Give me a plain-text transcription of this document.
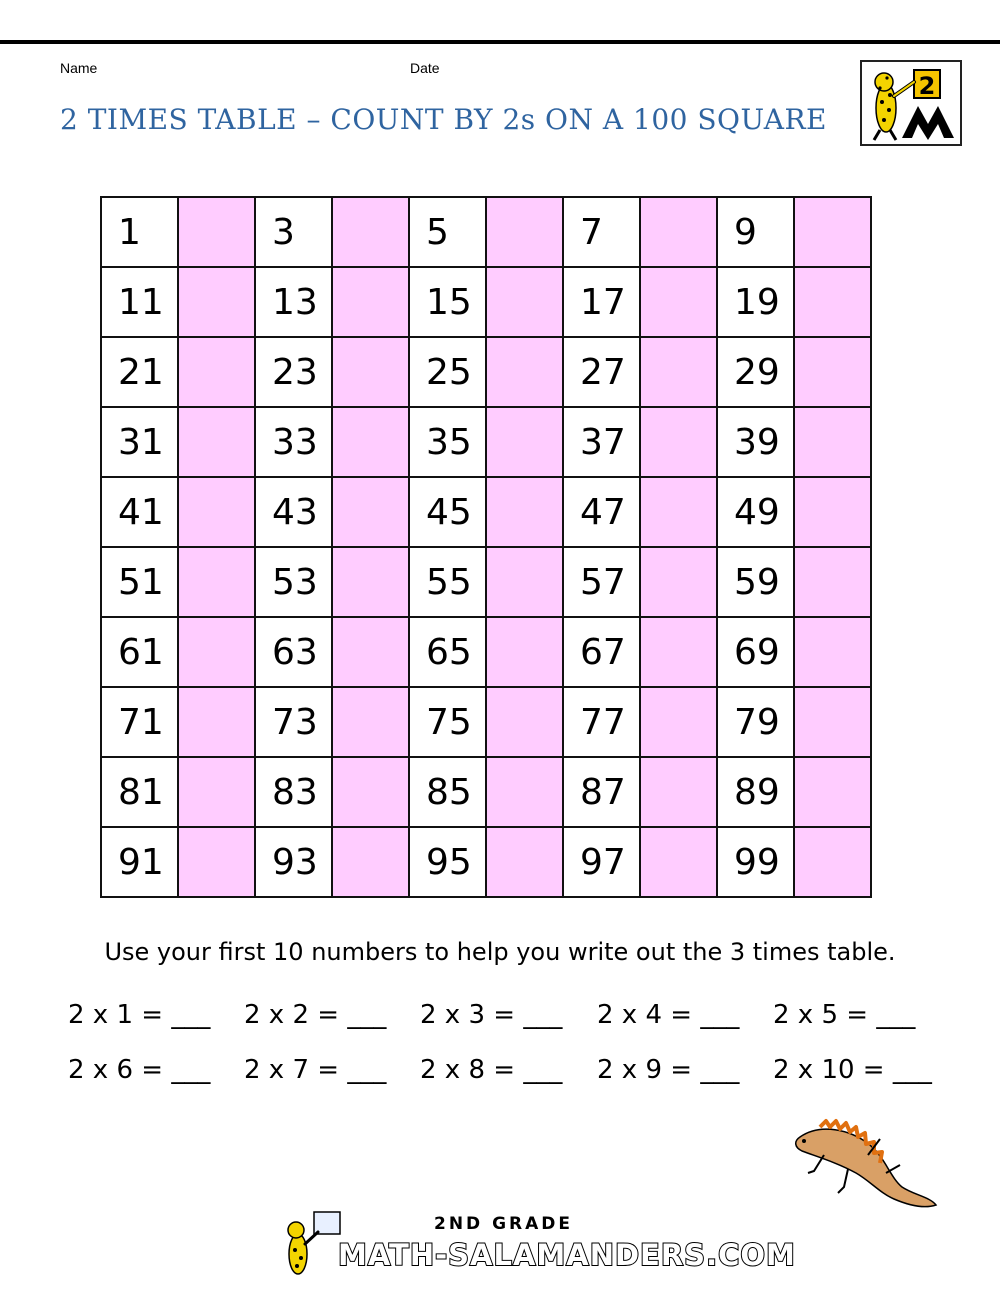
Name	Date
2 TIMES TABLE – COUNT BY 2s ON A 100 SQUARE
2
1		3		5		7		9	
11		13		15		17		19	
21		23		25		27		29	
31		33		35		37		39	
41		43		45		47		49	
51		53		55		57		59	
61		63		65		67		69	
71		73		75		77		79	
81		83		85		87		89	
91		93		95		97		99	
Use your first 10 numbers to help you write out the 3 times table.
2 x 1 = ___ 2 x 2 = ___ 2 x 3 = ___ 2 x 4 = ___ 2 x 5 = ___
2 x 6 = ___ 2 x 7 = ___ 2 x 8 = ___ 2 x 9 = ___ 2 x 10 = ___
2ND GRADE
MATH-SALAMANDERS.COM
